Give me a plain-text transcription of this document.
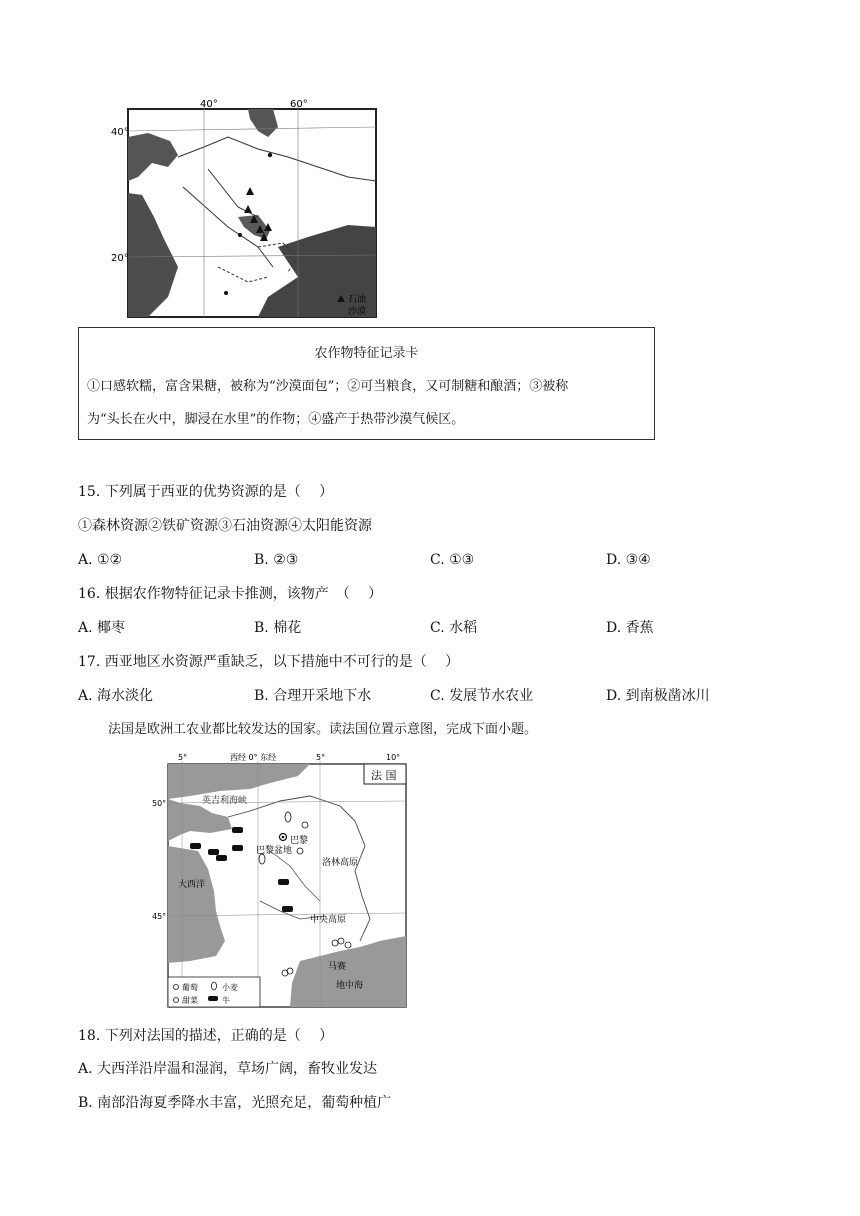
40°
20°
40°	60°
石油
沙漠
农作物特征记录卡
①口感软糯，富含果糖，被称为“沙漠面包”；②可当粮食，又可制糖和酿酒；③被称
为“头长在火中，脚浸在水里”的作物；④盛产于热带沙漠气候区。
15. 下列属于西亚的优势资源的是（　 ）
①森林资源②铁矿资源③石油资源④太阳能资源
A. ①②	B. ②③	C. ①③	D. ③④
16. 根据农作物特征记录卡推测，该物产　（　 ）
A. 椰枣	B. 棉花	C. 水稻	D. 香蕉
17. 西亚地区水资源严重缺乏，以下措施中不可行的是（　 ）
A. 海水淡化	B. 合理开采地下水	C. 发展节水农业	D. 到南极凿冰川
法国是欧洲工农业都比较发达的国家。读法国位置示意图，完成下面小题。
法 国
5°	西经 0° 东经	5°	10°
50°
45°
英吉利海峡
巴黎
巴黎盆地
洛林高原
大西洋
中央高原
马赛
地中海
葡萄	小麦
甜菜	牛
18. 下列对法国的描述，正确的是（　 ）
A. 大西洋沿岸温和湿润，草场广阔，畜牧业发达
B. 南部沿海夏季降水丰富，光照充足，葡萄种植广
